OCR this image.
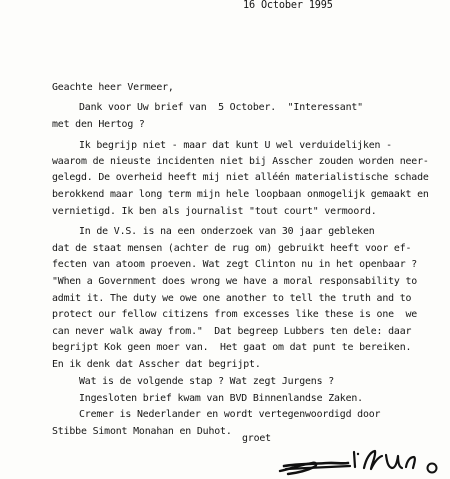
16 October 1995
Geachte heer Vermeer,
Dank voor Uw brief van  5 October.  "Interessant"
met den Hertog ?
Ik begrijp niet - maar dat kunt U wel verduidelijken -
waarom de nieuste incidenten niet bij Asscher zouden worden neer-
gelegd. De overheid heeft mij niet alléén materialistische schade
berokkend maar long term mijn hele loopbaan onmogelijk gemaakt en
vernietigd. Ik ben als journalist "tout court" vermoord.
In de V.S. is na een onderzoek van 30 jaar gebleken
dat de staat mensen (achter de rug om) gebruikt heeft voor ef-
fecten van atoom proeven. Wat zegt Clinton nu in het openbaar ?
"When a Government does wrong we have a moral responsability to
admit it. The duty we owe one another to tell the truth and to
protect our fellow citizens from excesses like these is one  we
can never walk away from."  Dat begreep Lubbers ten dele: daar
begrijpt Kok geen moer van.  Het gaat om dat punt te bereiken.
En ik denk dat Asscher dat begrijpt.
Wat is de volgende stap ? Wat zegt Jurgens ?
Ingesloten brief kwam van BVD Binnenlandse Zaken.
Cremer is Nederlander en wordt vertegenwoordigd door
Stibbe Simont Monahan en Duhot.
groet
